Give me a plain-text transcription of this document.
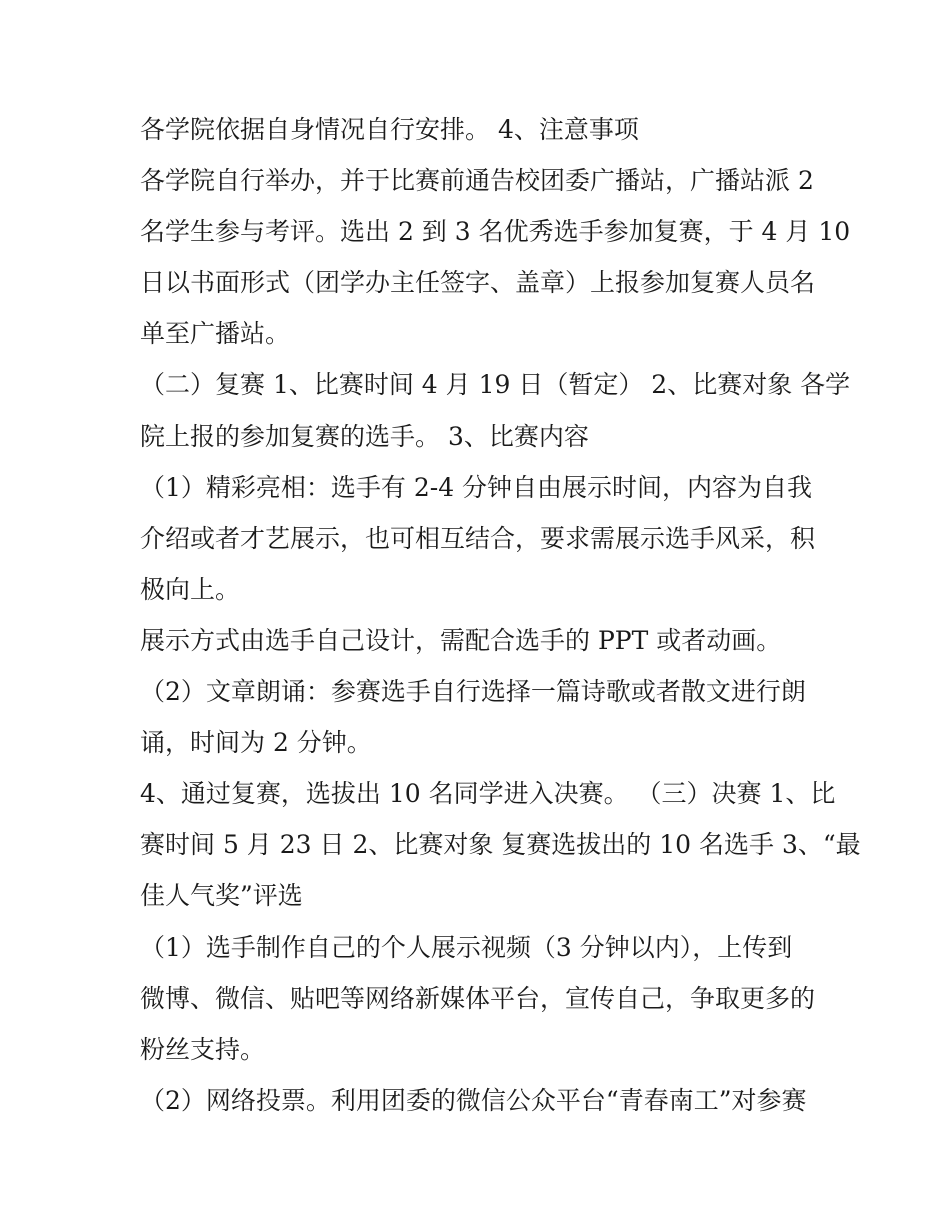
各学院依据自身情况自行安排。 4、注意事项
各学院自行举办，并于比赛前通告校团委广播站，广播站派 2
名学生参与考评。选出 2 到 3 名优秀选手参加复赛，于 4 月 10
日以书面形式（团学办主任签字、盖章）上报参加复赛人员名
单至广播站。
（二）复赛 1、比赛时间 4 月 19 日（暂定） 2、比赛对象 各学
院上报的参加复赛的选手。 3、比赛内容
（1）精彩亮相：选手有 2-4 分钟自由展示时间，内容为自我
介绍或者才艺展示，也可相互结合，要求需展示选手风采，积
极向上。
展示方式由选手自己设计，需配合选手的 PPT 或者动画。
（2）文章朗诵：参赛选手自行选择一篇诗歌或者散文进行朗
诵，时间为 2 分钟。
4、通过复赛，选拔出 10 名同学进入决赛。 （三）决赛 1、比
赛时间 5 月 23 日 2、比赛对象 复赛选拔出的 10 名选手 3、“最
佳人气奖”评选
（1）选手制作自己的个人展示视频（3 分钟以内），上传到
微博、微信、贴吧等网络新媒体平台，宣传自己，争取更多的
粉丝支持。
（2）网络投票。利用团委的微信公众平台“青春南工”对参赛
